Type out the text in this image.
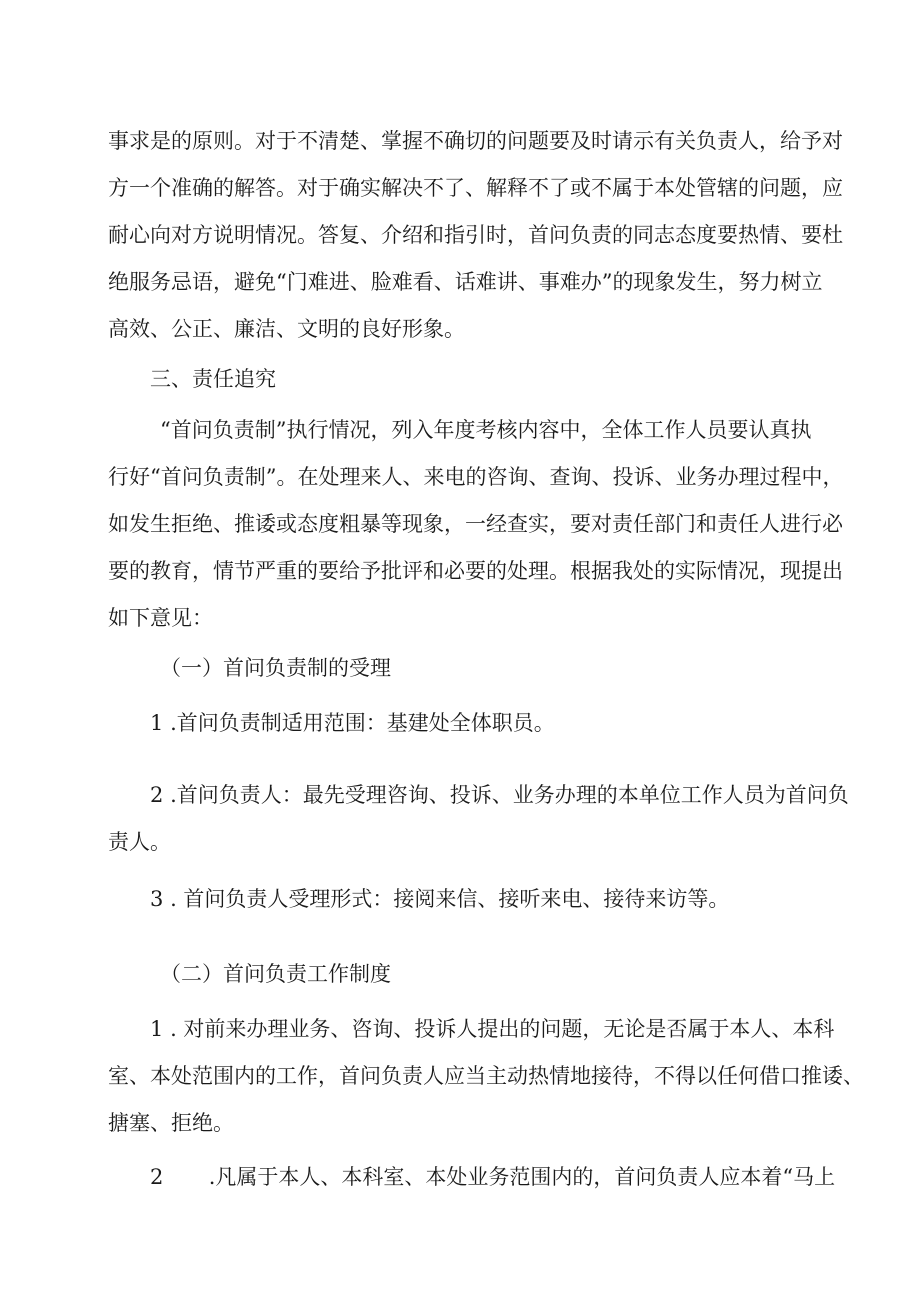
事求是的原则。对于不清楚、掌握不确切的问题要及时请示有关负责人，给予对

方一个准确的解答。对于确实解决不了、解释不了或不属于本处管辖的问题，应

耐心向对方说明情况。答复、介绍和指引时，首问负责的同志态度要热情、要杜

绝服务忌语，避免“门难进、脸难看、话难讲、事难办”的现象发生，努力树立

高效、公正、廉洁、文明的良好形象。

三、责任追究

“首问负责制”执行情况，列入年度考核内容中，全体工作人员要认真执

行好“首问负责制”。在处理来人、来电的咨询、查询、投诉、业务办理过程中，

如发生拒绝、推诿或态度粗暴等现象，一经查实，要对责任部门和责任人进行必

要的教育，情节严重的要给予批评和必要的处理。根据我处的实际情况，现提出

如下意见：

（一）首问负责制的受理

1 .首问负责制适用范围：基建处全体职员。

2 .首问负责人：最先受理咨询、投诉、业务办理的本单位工作人员为首问负

责人。

3 . 首问负责人受理形式：接阅来信、接听来电、接待来访等。

（二）首问负责工作制度

1 . 对前来办理业务、咨询、投诉人提出的问题，无论是否属于本人、本科

室、本处范围内的工作，首问负责人应当主动热情地接待，不得以任何借口推诿、

搪塞、拒绝。

2 .凡属于本人、本科室、本处业务范围内的，首问负责人应本着“马上
